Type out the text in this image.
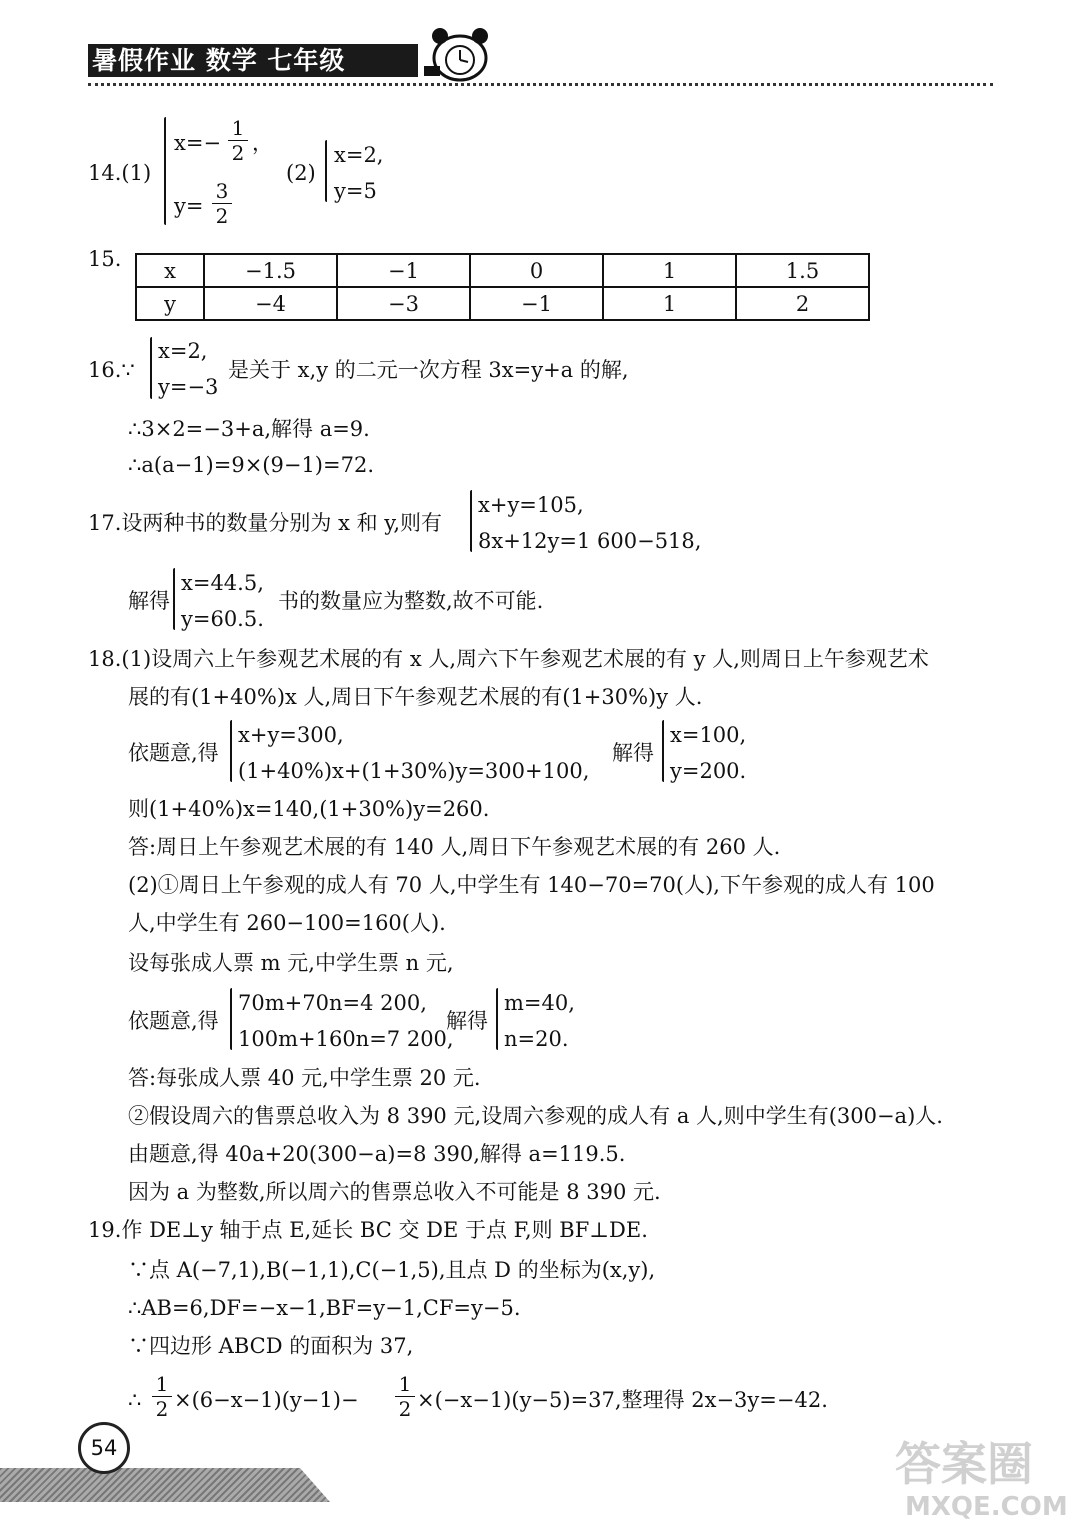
暑假作业 数学 七年级
14.(1)
x=−
1
2 ，
y=
3
2
(2)
x=2,
y=5
15. x	−1.5	−1	0	1	1.5
y	−4	−3	−1	1	2
16.∵
x=2,
y=−3
是关于 x,y 的二元一次方程 3x=y+a 的解,
∴3×2=−3+a,解得 a=9.
∴a(a−1)=9×(9−1)=72.
17.设两种书的数量分别为 x 和 y,则有
x+y=105,
8x+12y=1 600−518,
解得
x=44.5,
y=60.5.
书的数量应为整数,故不可能.
18.(1)设周六上午参观艺术展的有 x 人,周六下午参观艺术展的有 y 人,则周日上午参观艺术
展的有(1+40%)x 人,周日下午参观艺术展的有(1+30%)y 人.
依题意,得
x+y=300,
(1+40%)x+(1+30%)y=300+100,
解得
x=100,
y=200.
则(1+40%)x=140,(1+30%)y=260.
答:周日上午参观艺术展的有 140 人,周日下午参观艺术展的有 260 人.
(2)①周日上午参观的成人有 70 人,中学生有 140−70=70(人),下午参观的成人有 100
人,中学生有 260−100=160(人).
设每张成人票 m 元,中学生票 n 元,
依题意,得
70m+70n=4 200,
100m+160n=7 200,
解得
m=40,
n=20.
答:每张成人票 40 元,中学生票 20 元.
②假设周六的售票总收入为 8 390 元,设周六参观的成人有 a 人,则中学生有(300−a)人.
由题意,得 40a+20(300−a)=8 390,解得 a=119.5.
因为 a 为整数,所以周六的售票总收入不可能是 8 390 元.
19.作 DE⊥y 轴于点 E,延长 BC 交 DE 于点 F,则 BF⊥DE.
∵点 A(−7,1),B(−1,1),C(−1,5),且点 D 的坐标为(x,y),
∴AB=6,DF=−x−1,BF=y−1,CF=y−5.
∵四边形 ABCD 的面积为 37,
∴
1
2 ×(6−x−1)(y−1)−
1
2 ×(−x−1)(y−5)=37,整理得 2x−3y=−42.
54	答案圈
MXQE.COM
